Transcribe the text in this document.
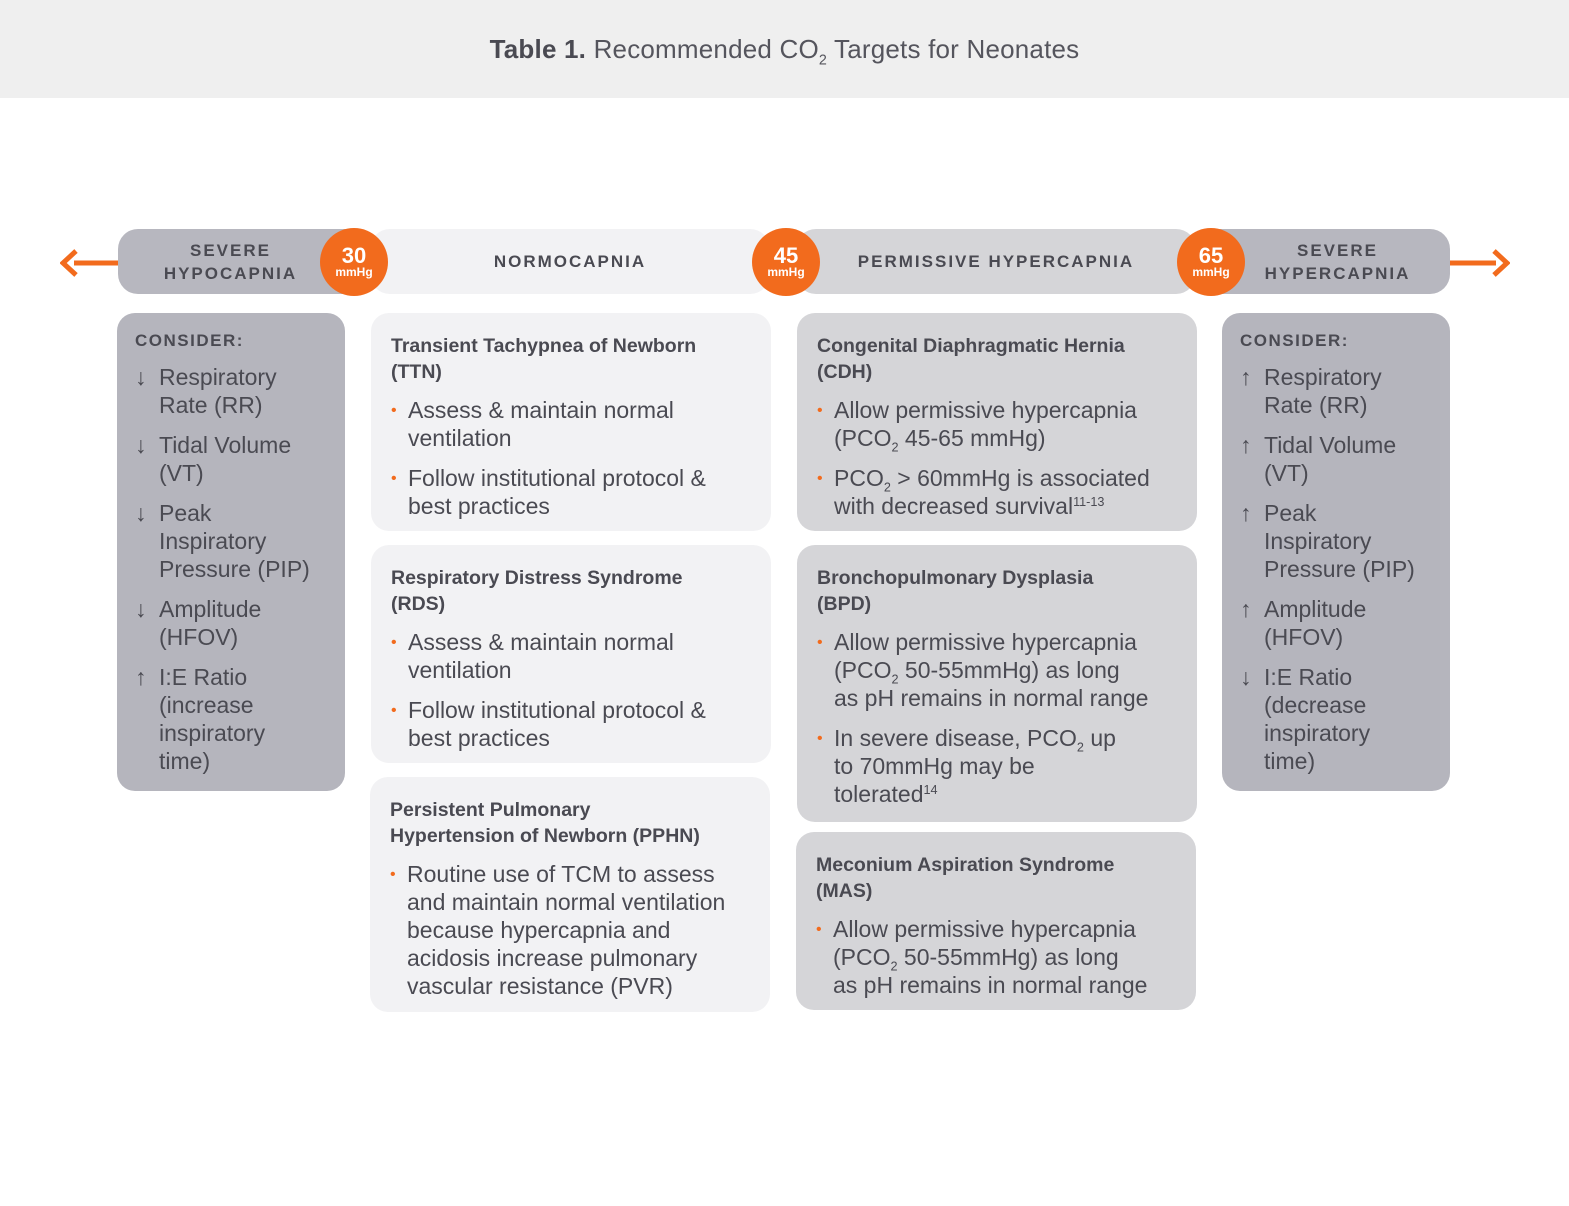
Table 1. Recommended $CO_2$ Targets for Neonates
SEVERE
HYPOCAPNIA
NORMOCAPNIA	PERMISSIVE HYPERCAPNIA
SEVERE
HYPERCAPNIA
30
mmHg
45
mmHg
65
mmHg
CONSIDER:
↓ Respiratory
Rate (RR)
↓ Tidal Volume
(VT)
↓ Peak
Inspiratory
Pressure (PIP)
↓ Amplitude
(HFOV)
↑ I:E Ratio
(increase
inspiratory
time)
CONSIDER:
↑ Respiratory
Rate (RR)
↑ Tidal Volume
(VT)
↑ Peak
Inspiratory
Pressure (PIP)
↑ Amplitude
(HFOV)
↓ I:E Ratio
(decrease
inspiratory
time)
Transient Tachypnea of Newborn
(TTN)
• Assess & maintain normal
ventilation
• Follow institutional protocol &
best practices
Respiratory Distress Syndrome
(RDS)
• Assess & maintain normal
ventilation
• Follow institutional protocol &
best practices
Persistent Pulmonary
Hypertension of Newborn (PPHN)
• Routine use of TCM to assess
and maintain normal ventilation
because hypercapnia and
acidosis increase pulmonary
vascular resistance (PVR)
Congenital Diaphragmatic Hernia
(CDH)
• Allow permissive hypercapnia
($PCO_2$ 45-65 mmHg)
• $PCO_2$ > 60mmHg is associated
with decreased survival$^{11-13}$
Bronchopulmonary Dysplasia
(BPD)
• Allow permissive hypercapnia
($PCO_2$ 50-55mmHg) as long
as pH remains in normal range
• In severe disease, $PCO_2$ up
to 70mmHg may be
tolerated$^{14}$
Meconium Aspiration Syndrome
(MAS)
• Allow permissive hypercapnia
($PCO_2$ 50-55mmHg) as long
as pH remains in normal range
